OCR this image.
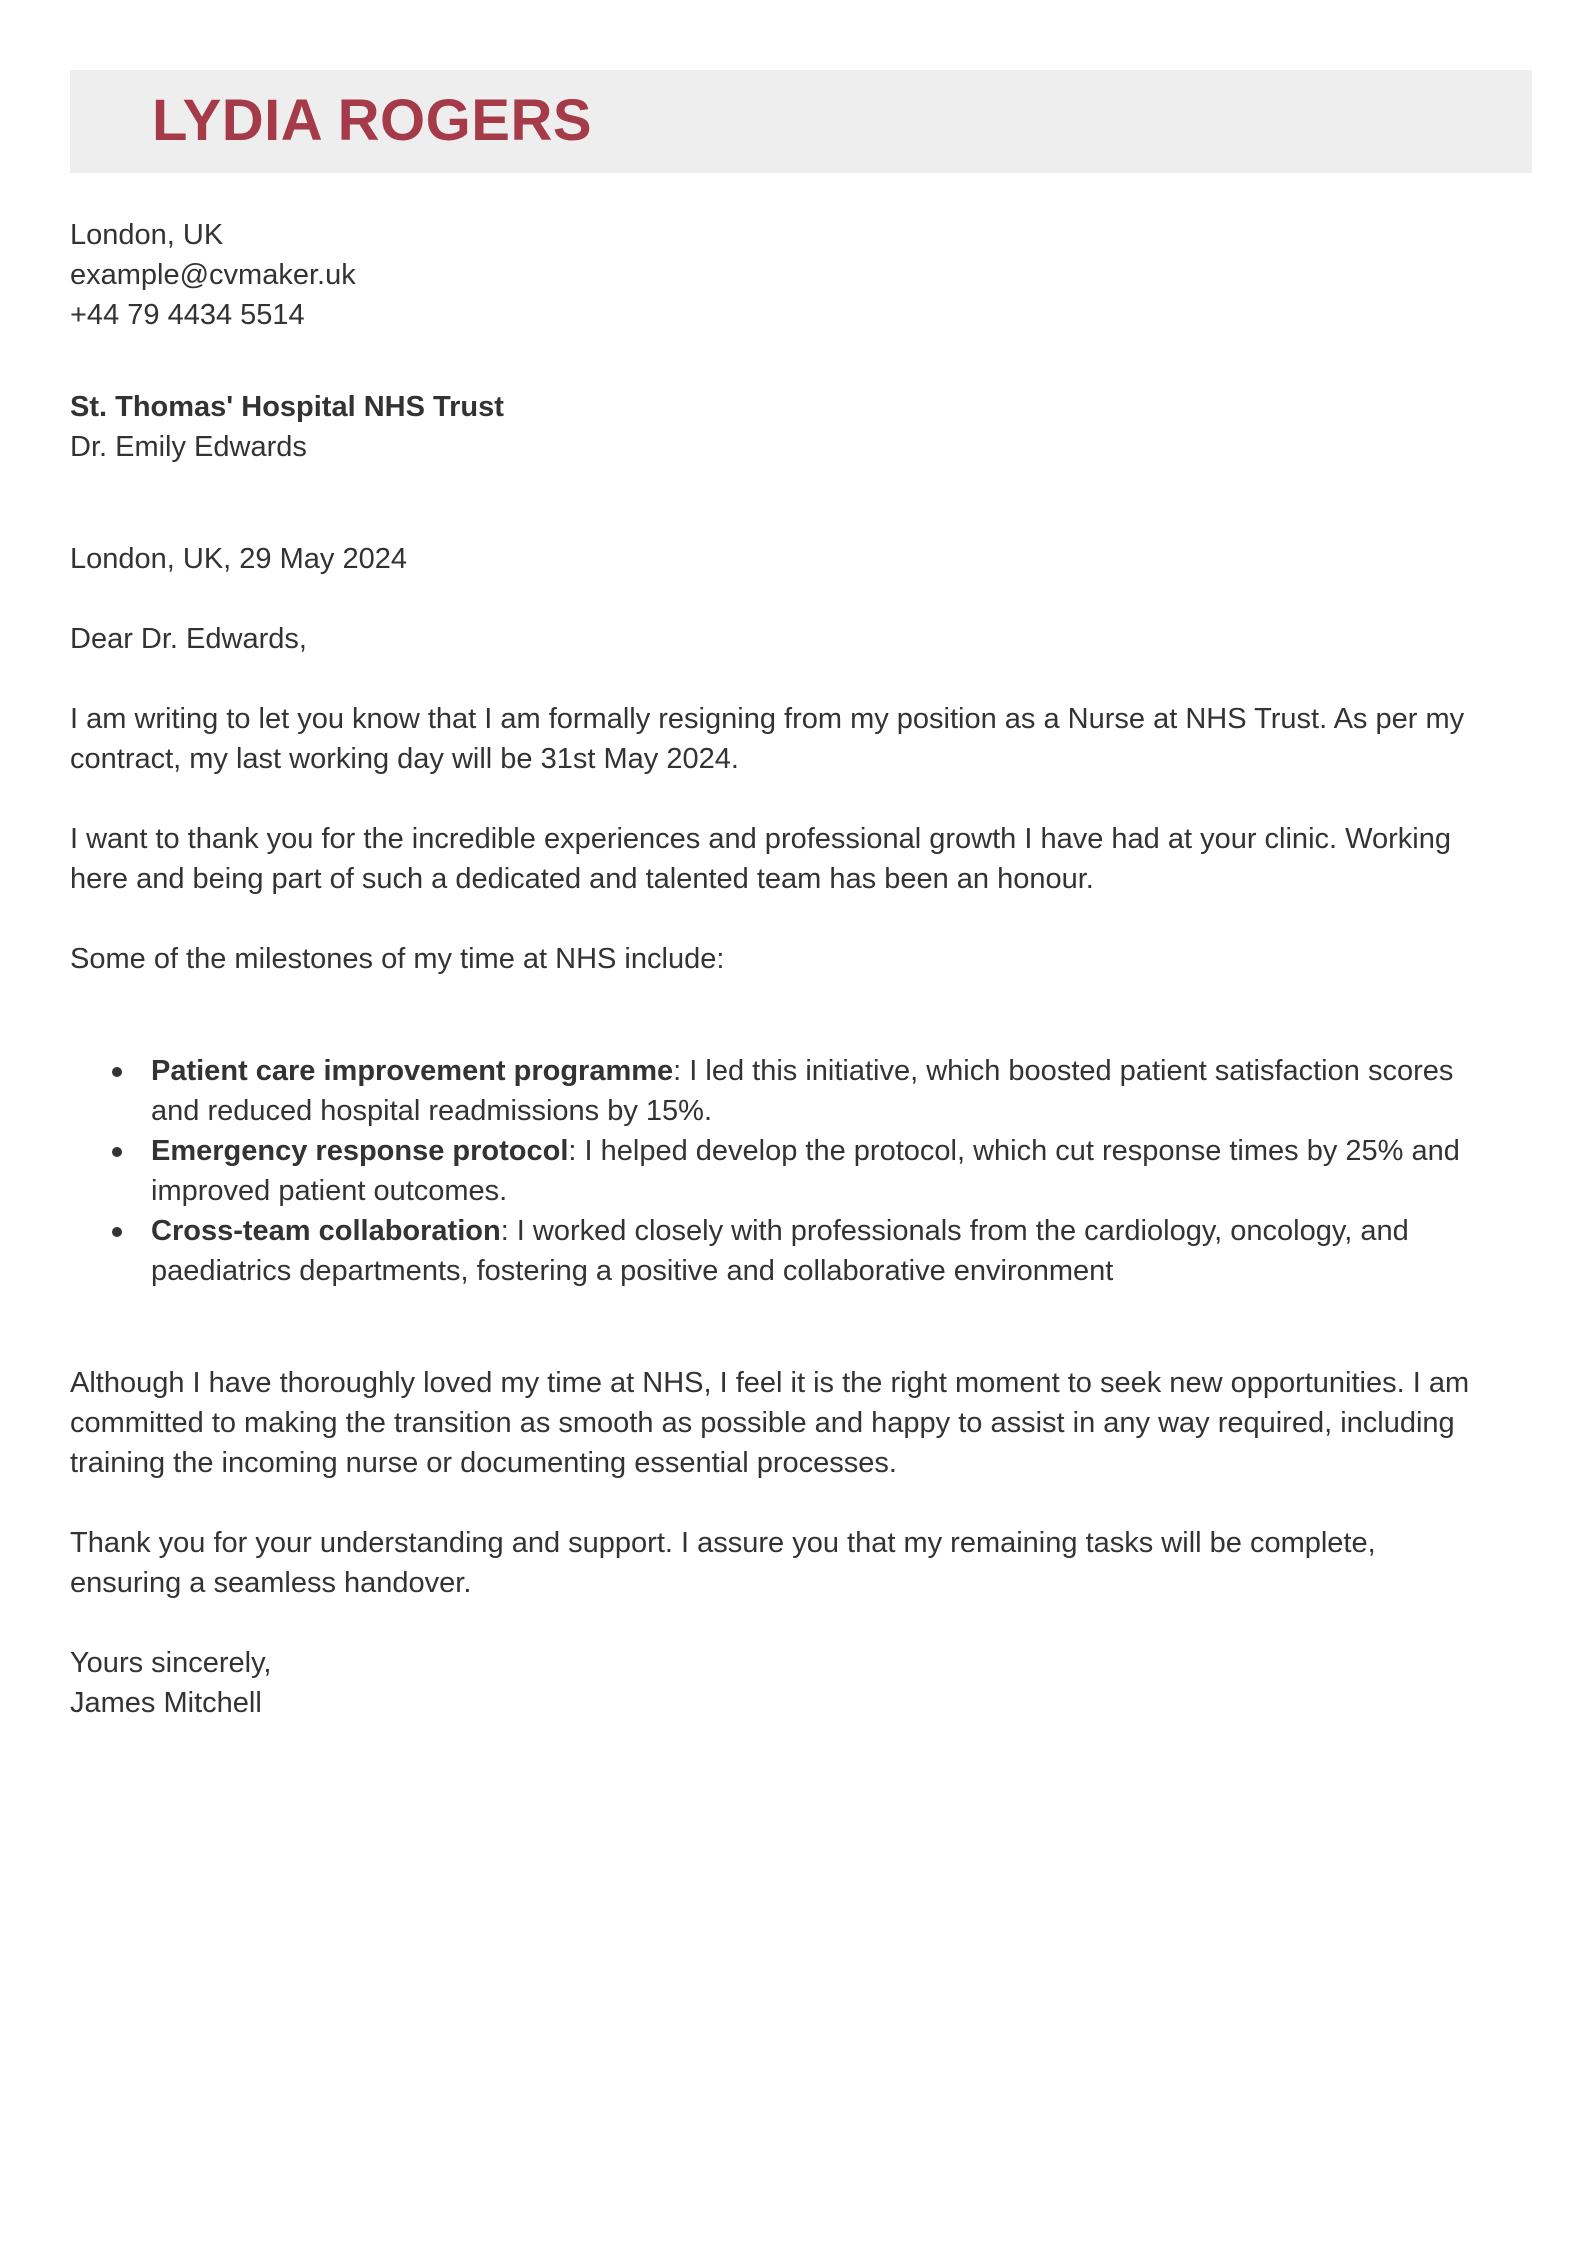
LYDIA ROGERS
London, UK
example@cvmaker.uk
+44 79 4434 5514
St. Thomas' Hospital NHS Trust
Dr. Emily Edwards
London, UK, 29 May 2024
Dear Dr. Edwards,

I am writing to let you know that I am formally resigning from my position as a Nurse at NHS Trust. As per my contract, my last working day will be 31st May 2024.

I want to thank you for the incredible experiences and professional growth I have had at your clinic. Working here and being part of such a dedicated and talented team has been an honour.

Some of the milestones of my time at NHS include:

Patient care improvement programme: I led this initiative, which boosted patient satisfaction scores and reduced hospital readmissions by 15%.
Emergency response protocol: I helped develop the protocol, which cut response times by 25% and improved patient outcomes.
Cross-team collaboration: I worked closely with professionals from the cardiology, oncology, and paediatrics departments, fostering a positive and collaborative environment

Although I have thoroughly loved my time at NHS, I feel it is the right moment to seek new opportunities. I am committed to making the transition as smooth as possible and happy to assist in any way required, including training the incoming nurse or documenting essential processes.

Thank you for your understanding and support. I assure you that my remaining tasks will be complete, ensuring a seamless handover.

Yours sincerely,
James Mitchell
